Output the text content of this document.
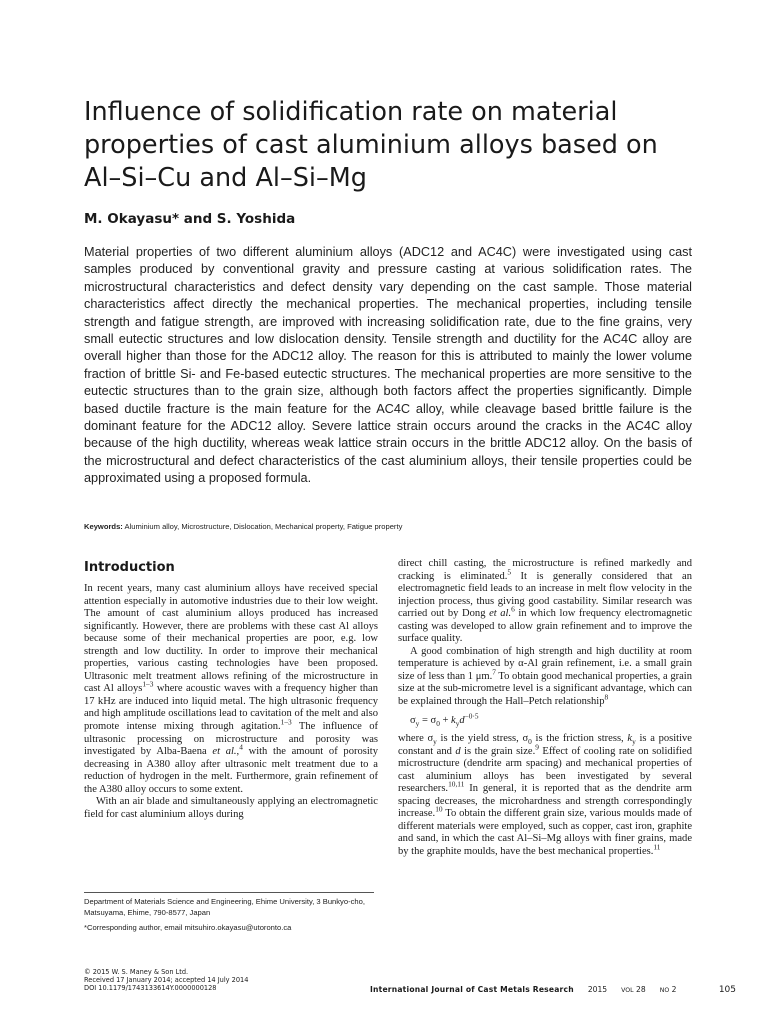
Influence of solidification rate on material
properties of cast aluminium alloys based on
Al–Si–Cu and Al–Si–Mg
M. Okayasu* and S. Yoshida

Material properties of two different aluminium alloys (ADC12 and AC4C) were investigated using cast samples produced by conventional gravity and pressure casting at various solidification rates. The microstructural characteristics and defect density vary depending on the cast sample. Those material characteristics affect directly the mechanical properties. The mechanical properties, including tensile strength and fatigue strength, are improved with increasing solidification rate, due to the fine grains, very small eutectic structures and low dislocation density. Tensile strength and ductility for the AC4C alloy are overall higher than those for the ADC12 alloy. The reason for this is attributed to mainly the lower volume fraction of brittle Si- and Fe-based eutectic structures. The mechanical properties are more sensitive to the eutectic structures than to the grain size, although both factors affect the properties significantly. Dimple based ductile fracture is the main feature for the AC4C alloy, while cleavage based brittle failure is the dominant feature for the ADC12 alloy. Severe lattice strain occurs around the cracks in the AC4C alloy because of the high ductility, whereas weak lattice strain occurs in the brittle ADC12 alloy. On the basis of the microstructural and defect characteristics of the cast aluminium alloys, their tensile properties could be approximated using a proposed formula.

Keywords: Aluminium alloy, Microstructure, Dislocation, Mechanical property, Fatigue property
Introduction

In recent years, many cast aluminium alloys have received special attention especially in automotive industries due to their low weight. The amount of cast aluminium alloys produced has increased significantly. However, there are problems with these cast Al alloys because some of their mechanical properties are poor, e.g. low strength and low ductility. In order to improve their mechanical properties, various casting technologies have been proposed. Ultrasonic melt treatment allows refining of the microstructure in cast Al alloys$^{1-3}$ where acoustic waves with a frequency higher than 17 kHz are induced into liquid metal. The high ultrasonic frequency and high amplitude oscillations lead to cavitation of the melt and also promote intense mixing through agitation.$^{1-3}$ The influence of ultrasonic processing on microstructure and porosity was investigated by Alba-Baena et al.,$^4$ with the amount of porosity decreasing in A380 alloy after ultrasonic melt treatment due to a reduction of hydrogen in the melt. Furthermore, grain refinement of the A380 alloy occurs to some extent.

With an air blade and simultaneously applying an electromagnetic field for cast aluminium alloys during

direct chill casting, the microstructure is refined markedly and cracking is eliminated.$^5$ It is generally considered that an electromagnetic field leads to an increase in melt flow velocity in the injection process, thus giving good castability. Similar research was carried out by Dong et al.$^6$ in which low frequency electromagnetic casting was developed to allow grain refinement and to improve the surface quality.

A good combination of high strength and high ductility at room temperature is achieved by α-Al grain refinement, i.e. a small grain size of less than 1 μm.$^7$ To obtain good mechanical properties, a grain size at the sub-micrometre level is a significant advantage, which can be explained through the Hall–Petch relationship$^8$

$\sigma_y = \sigma_0 + k_yd^{-0\cdot 5}$

where $\sigma_y$ is the yield stress, $\sigma_0$ is the friction stress, $k_y$ is a positive constant and d is the grain size.$^9$ Effect of cooling rate on solidified microstructure (dendrite arm spacing) and mechanical properties of cast aluminium alloys has been investigated by several researchers.$^{10,11}$ In general, it is reported that as the dendrite arm spacing decreases, the microhardness and strength correspondingly increase.$^{10}$ To obtain the different grain size, various moulds made of different materials were employed, such as copper, cast iron, graphite and sand, in which the cast Al–Si–Mg alloys with finer grains, made by the graphite moulds, have the best mechanical properties.$^{11}$

Department of Materials Science and Engineering, Ehime University, 3 Bunkyo-cho, Matsuyama, Ehime, 790-8577, Japan

*Corresponding author, email mitsuhiro.okayasu@utoronto.ca

© 2015 W. S. Maney & Son Ltd.
Received 17 January 2014; accepted 14 July 2014
DOI 10.1179/1743133614Y.0000000128	International Journal of Cast Metals Research 2015 VOL 28 NO 2	105
